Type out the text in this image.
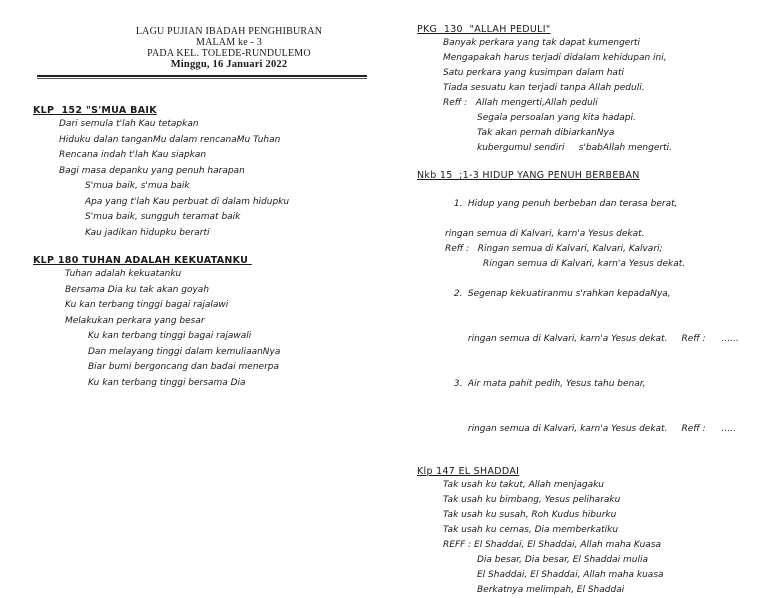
LAGU PUJIAN IBADAH PENGHIBURAN
MALAM ke - 3
PADA KEL. TOLEDE-RUNDULEMO
Minggu, 16 Januari 2022
KLP  152 "S'MUA BAIK
Dari semula t'lah Kau tetapkan
Hiduku dalan tanganMu dalam rencanaMu Tuhan
Rencana indah t'lah Kau siapkan
Bagi masa depanku yang penuh harapan
S'mua baik, s'mua baik
Apa yang t'lah Kau perbuat di dalam hidupku
S'mua baik, sungguh teramat baik
Kau jadikan hidupku berarti
KLP 180 TUHAN ADALAH KEKUATANKU
Tuhan adalah kekuatanku
Bersama Dia ku tak akan goyah
Ku kan terbang tinggi bagai rajalawi
Melakukan perkara yang besar
Ku kan terbang tinggi bagai rajawali
Dan melayang tinggi dalam kemuliaanNya
Biar bumi bergoncang dan badai menerpa
Ku kan terbang tinggi bersama Dia
PKG  130  "ALLAH PEDULI"
Banyak perkara yang tak dapat kumengerti
Mengapakah harus terjadi didalam kehidupan ini,
Satu perkara yang kusimpan dalam hati
Tiada sesuatu kan terjadi tanpa Allah peduli.
Reff :   Allah mengerti,Allah peduli
Segala persoalan yang kita hadapi.
Tak akan pernah dibiarkanNya
kubergumul sendiri     s'babAllah mengerti.
Nkb 15  ;1-3 HIDUP YANG PENUH BERBEBAN

1. Hidup yang penuh berbeban dan terasa berat,

ringan semua di Kalvari, karn'a Yesus dekat.
Reff :   Ringan semua di Kalvari, Kalvari, Kalvari;
Ringan semua di Kalvari, karn'a Yesus dekat.

2. Segenap kekuatiranmu s'rahkan kepadaNya,

ringan semua di Kalvari, karn'a Yesus dekat. Reff : ......

3. Air mata pahit pedih, Yesus tahu benar,

ringan semua di Kalvari, karn'a Yesus dekat. Reff : .....

Klp 147 EL SHADDAI
Tak usah ku takut, Allah menjagaku
Tak usah ku bimbang, Yesus peliharaku
Tak usah ku susah, Roh Kudus hiburku
Tak usah ku cemas, Dia memberkatiku
REFF : El Shaddai, El Shaddai, Allah maha Kuasa
Dia besar, Dia besar, El Shaddai mulia
El Shaddai, El Shaddai, Allah maha kuasa
Berkatnya melimpah, El Shaddai
